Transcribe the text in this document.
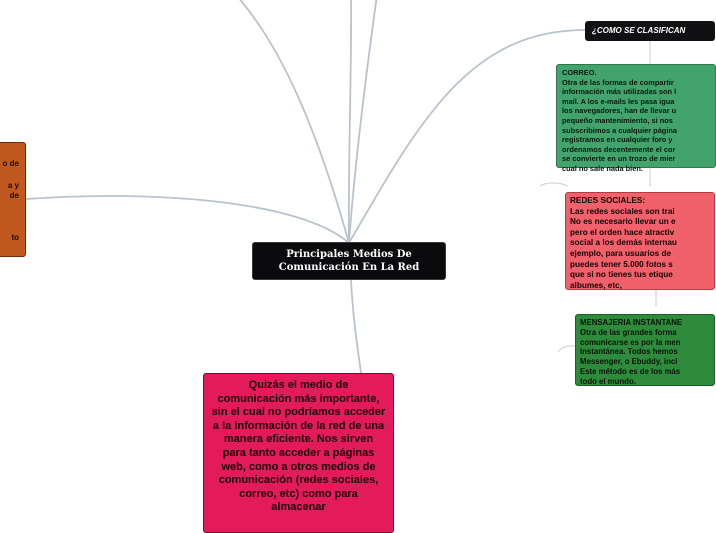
o de
a y
de
to
Principales Medios De
Comunicación En La Red
Quizás el medio de comunicación más importante, sin el cual no podríamos acceder a la información de la red de una manera eficiente. Nos sirven para tanto acceder a páginas web, como a otros medios de comunicación (redes sociales, correo, etc) como para almacenar
¿COMO SE CLASIFICAN
CORREO.
Otra de las formas de compartir
información más utilizadas son l
mail. A los e-mails les pasa igua
los navegadores, han de llevar u
pequeño mantenimiento, si nos
subscribimos a cualquier página
registramos en cualquier foro y
ordenamos decentemente el cor
se convierte en un trozo de mier
cual no sale nada bien.
REDES SOCIALES:
Las redes sociales son trai
No es necesario llevar un e
pero el orden hace atractiv
social a los demás internau
ejemplo, para usuarios de
puedes tener 5.000 fotos s
que si no tienes tus etique
albumes, etc,
MENSAJERIA INSTANTANE
Otra de las grandes forma
comunicarse es por la men
instantánea. Todos hemos
Messenger, o Ebuddy, incl
Este método es de los más
todo el mundo.
